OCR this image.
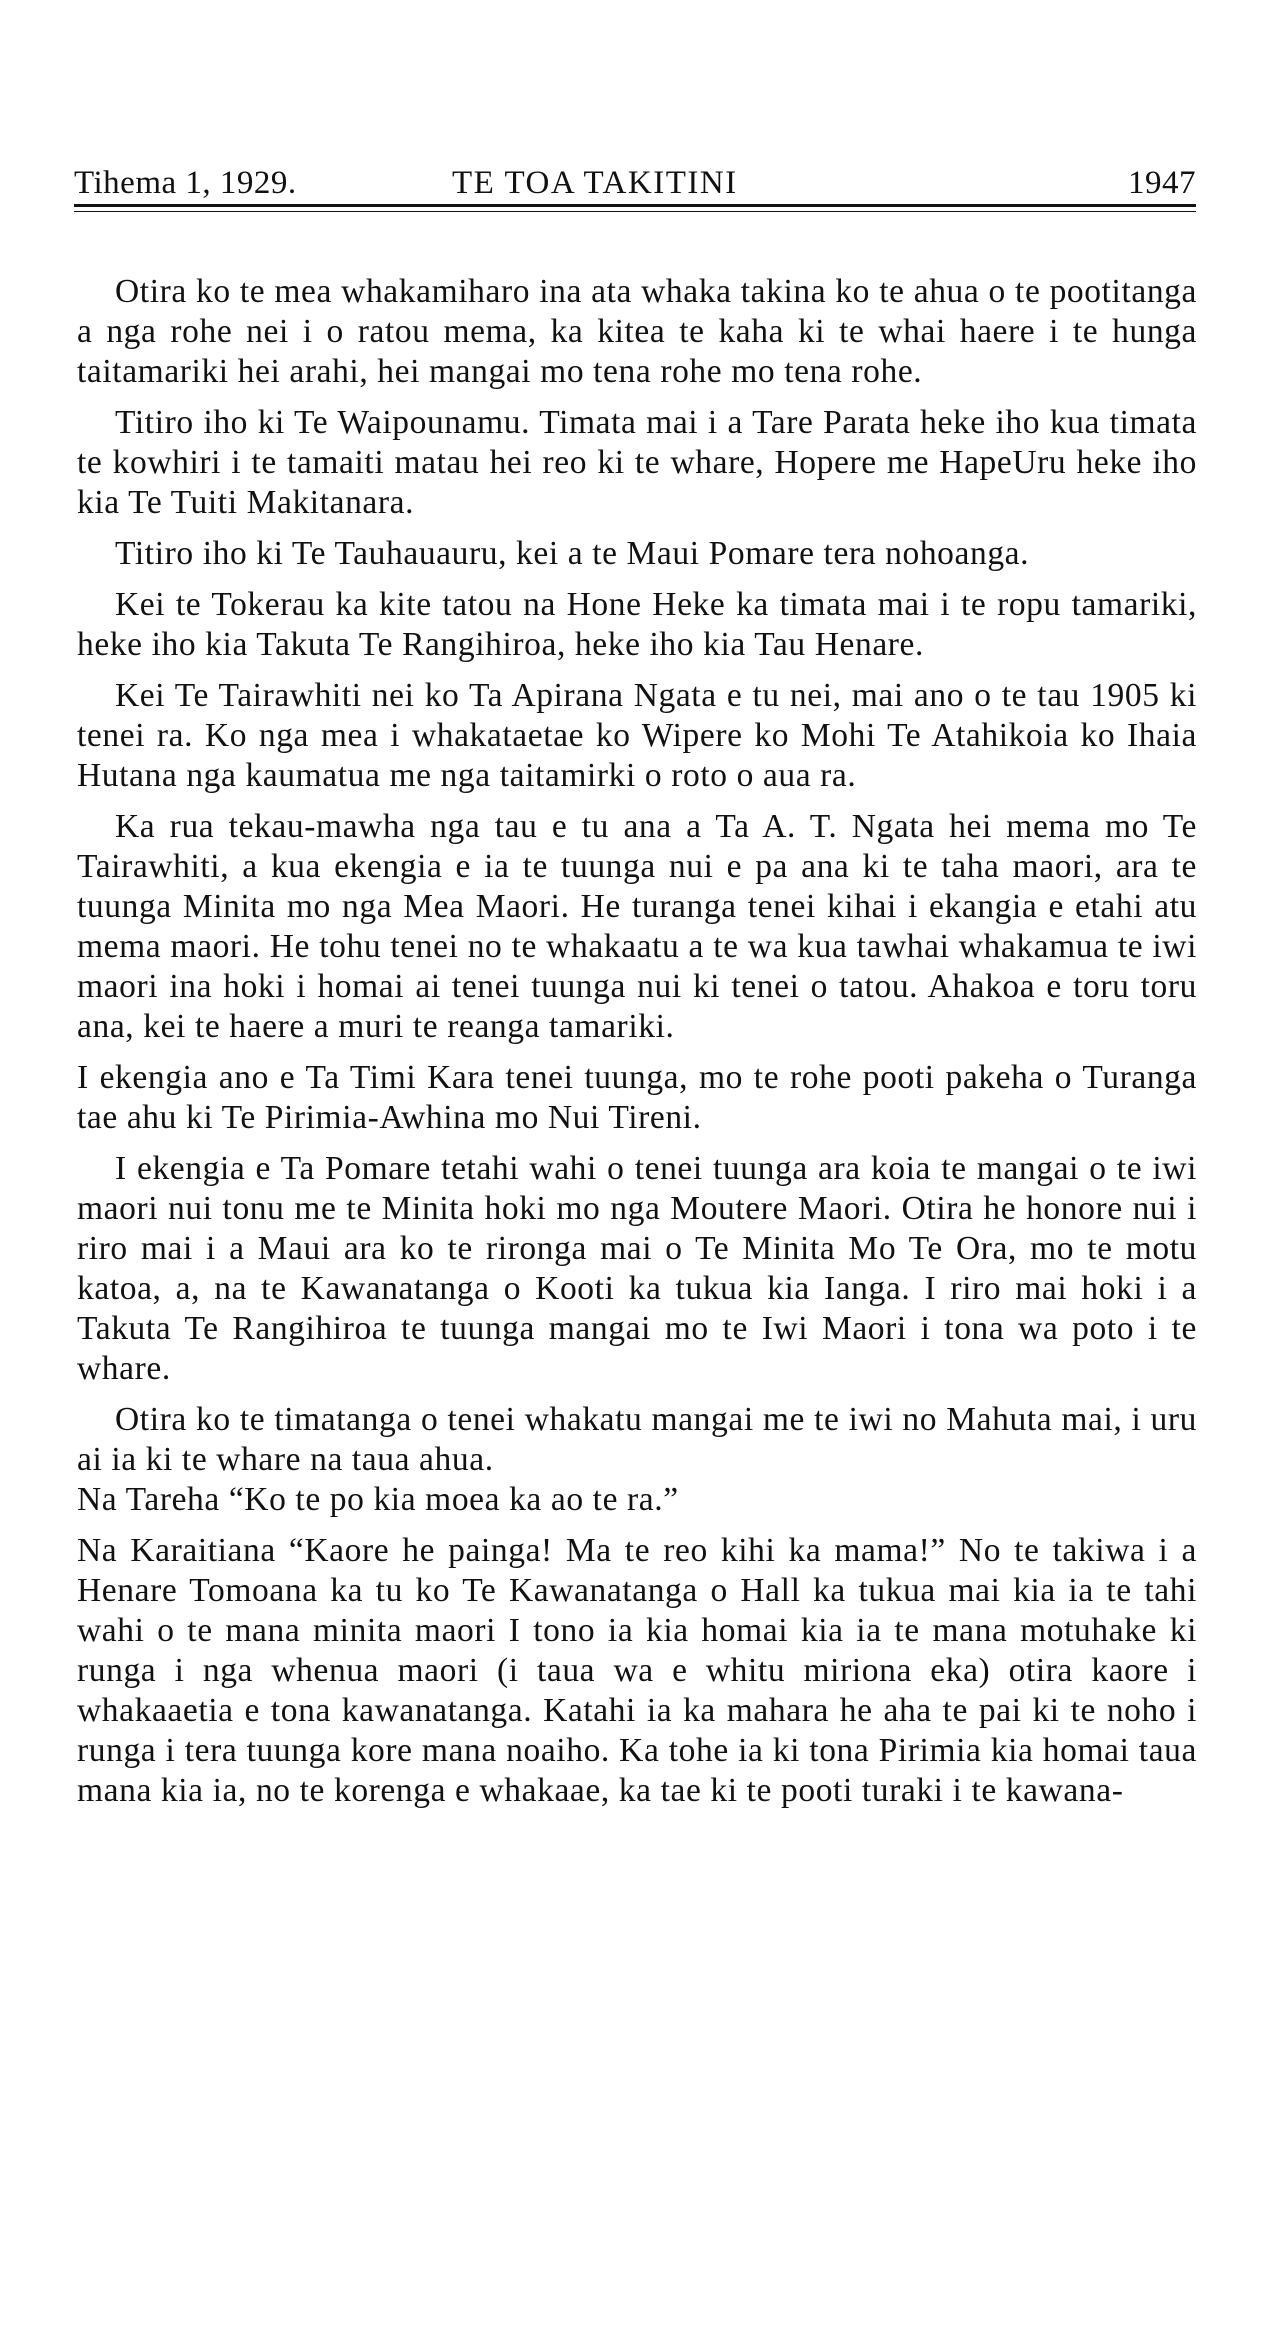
Tihema 1, 1929.	TE TOA TAKITINI	1947

Otira ko te mea whakamiharo ina ata whaka takina ko te ahua o te pootitanga a nga rohe nei i o ratou mema, ka kitea te kaha ki te whai haere i te hunga taitamariki hei arahi, hei mangai mo tena rohe mo tena rohe.

Titiro iho ki Te Waipounamu. Timata mai i a Tare Parata heke iho kua timata te kowhiri i te tamaiti matau hei reo ki te whare, Hopere me HapeUru heke iho kia Te Tuiti Makitanara.

Titiro iho ki Te Tauhauauru, kei a te Maui Pomare tera nohoanga.

Kei te Tokerau ka kite tatou na Hone Heke ka timata mai i te ropu tamariki, heke iho kia Takuta Te Rangihiroa, heke iho kia Tau Henare.

Kei Te Tairawhiti nei ko Ta Apirana Ngata e tu nei, mai ano o te tau 1905 ki tenei ra. Ko nga mea i whakataetae ko Wipere ko Mohi Te Atahikoia ko Ihaia Hutana nga kaumatua me nga taitamirki o roto o aua ra.

Ka rua tekau-mawha nga tau e tu ana a Ta A. T. Ngata hei mema mo Te Tairawhiti, a kua ekengia e ia te tuunga nui e pa ana ki te taha maori, ara te tuunga Minita mo nga Mea Maori. He turanga tenei kihai i ekangia e etahi atu mema maori. He tohu tenei no te whakaatu a te wa kua tawhai whakamua te iwi maori ina hoki i homai ai tenei tuunga nui ki tenei o tatou. Ahakoa e toru toru ana, kei te haere a muri te reanga tamariki.

I ekengia ano e Ta Timi Kara tenei tuunga, mo te rohe pooti pakeha o Turanga tae ahu ki Te Pirimia-Awhina mo Nui Tireni.

I ekengia e Ta Pomare tetahi wahi o tenei tuunga ara koia te mangai o te iwi maori nui tonu me te Minita hoki mo nga Moutere Maori. Otira he honore nui i riro mai i a Maui ara ko te rironga mai o Te Minita Mo Te Ora, mo te motu katoa, a, na te Kawanatanga o Kooti ka tukua kia Ianga. I riro mai hoki i a Takuta Te Rangihiroa te tuunga mangai mo te Iwi Maori i tona wa poto i te whare.

Otira ko te timatanga o tenei whakatu mangai me te iwi no Mahuta mai, i uru ai ia ki te whare na taua ahua.

Na Tareha “Ko te po kia moea ka ao te ra.”

Na Karaitiana “Kaore he painga! Ma te reo kihi ka mama!” No te takiwa i a Henare Tomoana ka tu ko Te Kawanatanga o Hall ka tukua mai kia ia te tahi wahi o te mana minita maori I tono ia kia homai kia ia te mana motuhake ki runga i nga whenua maori (i taua wa e whitu miriona eka) otira kaore i whakaaetia e tona kawanatanga. Katahi ia ka mahara he aha te pai ki te noho i runga i tera tuunga kore mana noaiho. Ka tohe ia ki tona Pirimia kia homai taua mana kia ia, no te korenga e whakaae, ka tae ki te pooti turaki i te kawana-
